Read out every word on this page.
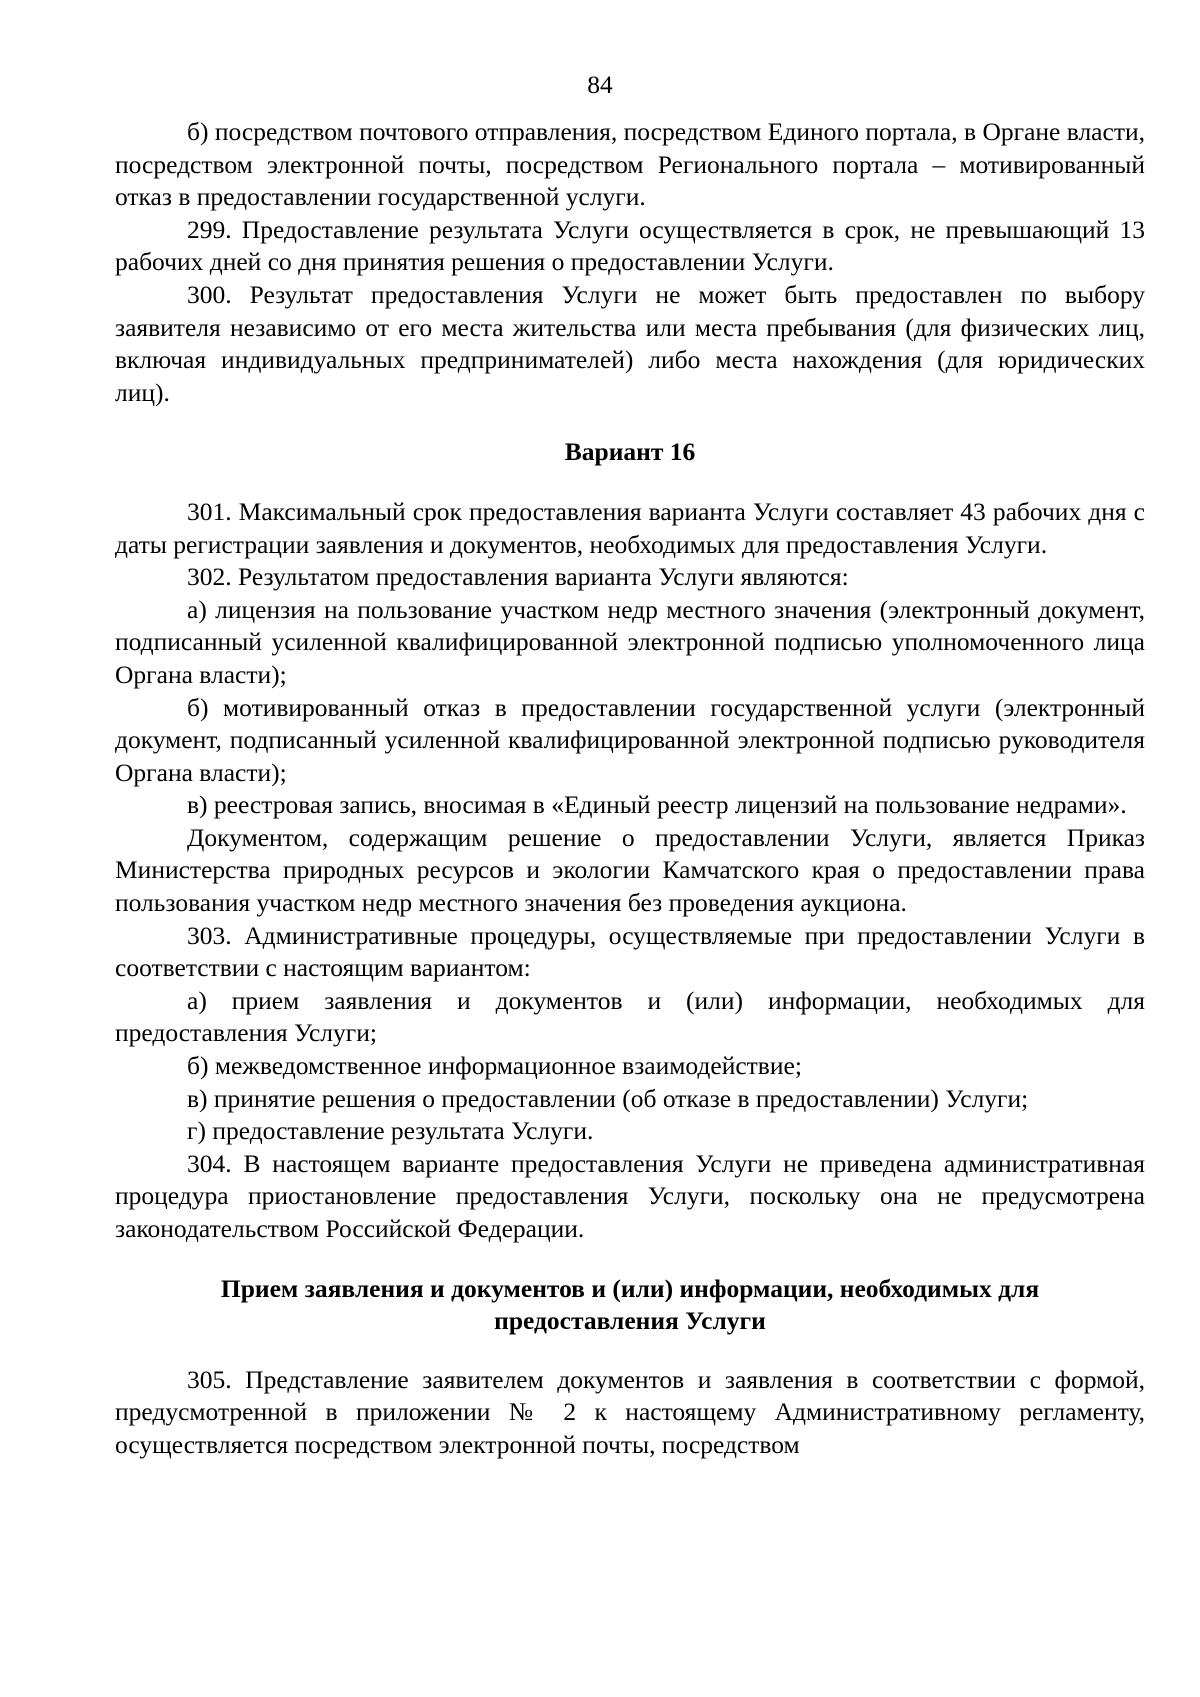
84

б) посредством почтового отправления, посредством Единого портала, в Органе власти, посредством электронной почты, посредством Регионального портала – мотивированный отказ в предоставлении государственной услуги.

299. Предоставление результата Услуги осуществляется в срок, не превышающий 13 рабочих дней со дня принятия решения о предоставлении Услуги.

300. Результат предоставления Услуги не может быть предоставлен по выбору заявителя независимо от его места жительства или места пребывания (для физических лиц, включая индивидуальных предпринимателей) либо места нахождения (для юридических лиц).

Вариант 16

301. Максимальный срок предоставления варианта Услуги составляет 43 рабочих дня с даты регистрации заявления и документов, необходимых для предоставления Услуги.

302. Результатом предоставления варианта Услуги являются:

а) лицензия на пользование участком недр местного значения (электронный документ, подписанный усиленной квалифицированной электронной подписью уполномоченного лица Органа власти);

б) мотивированный отказ в предоставлении государственной услуги (электронный документ, подписанный усиленной квалифицированной электронной подписью руководителя Органа власти);

в) реестровая запись, вносимая в «Единый реестр лицензий на пользование недрами».

Документом, содержащим решение о предоставлении Услуги, является Приказ Министерства природных ресурсов и экологии Камчатского края о предоставлении права пользования участком недр местного значения без проведения аукциона.

303. Административные процедуры, осуществляемые при предоставлении Услуги в соответствии с настоящим вариантом:

а) прием заявления и документов и (или) информации, необходимых для предоставления Услуги;

б) межведомственное информационное взаимодействие;

в) принятие решения о предоставлении (об отказе в предоставлении) Услуги;

г) предоставление результата Услуги.

304. В настоящем варианте предоставления Услуги не приведена административная процедура приостановление предоставления Услуги, поскольку она не предусмотрена законодательством Российской Федерации.

Прием заявления и документов и (или) информации, необходимых для предоставления Услуги

305. Представление заявителем документов и заявления в соответствии с формой, предусмотренной в приложении № 2 к настоящему Административному регламенту, осуществляется посредством электронной почты, посредством
